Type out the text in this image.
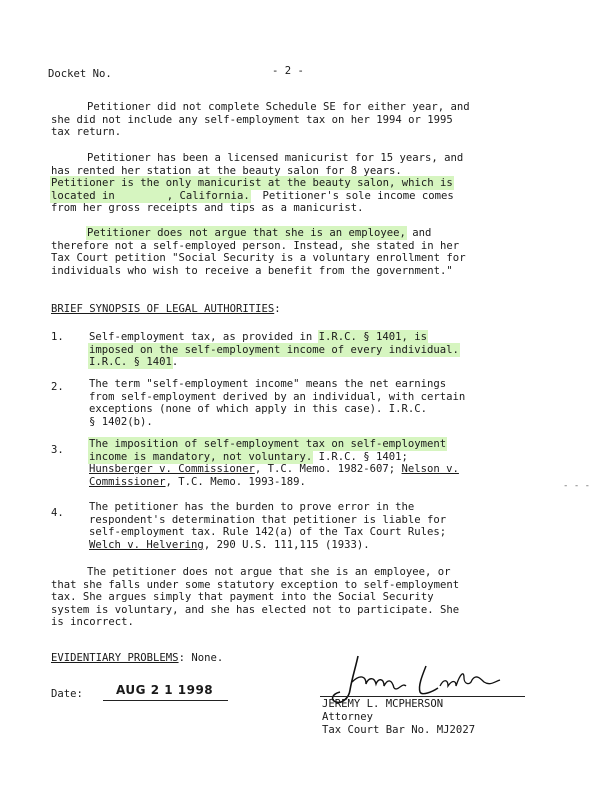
Docket No.	- 2 -
Petitioner did not complete Schedule SE for either year, and
she did not include any self-employment tax on her 1994 or 1995
tax return.
Petitioner has been a licensed manicurist for 15 years, and
has rented her station at the beauty salon for 8 years.
Petitioner is the only manicurist at the beauty salon, which is
located in	, California. Petitioner's sole income comes
from her gross receipts and tips as a manicurist.
Petitioner does not argue that she is an employee, and
therefore not a self-employed person. Instead, she stated in her
Tax Court petition "Social Security is a voluntary enrollment for
individuals who wish to receive a benefit from the government."
BRIEF SYNOPSIS OF LEGAL AUTHORITIES:
1. Self-employment tax, as provided in I.R.C. § 1401, is
imposed on the self-employment income of every individual.
I.R.C. § 1401.
2. The term "self-employment income" means the net earnings
from self-employment derived by an individual, with certain
exceptions (none of which apply in this case). I.R.C.
§ 1402(b).
3. The imposition of self-employment tax on self-employment
income is mandatory, not voluntary. I.R.C. § 1401;
Hunsberger v. Commissioner, T.C. Memo. 1982-607; Nelson v.
Commissioner, T.C. Memo. 1993-189.
4. The petitioner has the burden to prove error in the
respondent's determination that petitioner is liable for
self-employment tax. Rule 142(a) of the Tax Court Rules;
Welch v. Helvering, 290 U.S. 111,115 (1933).
The petitioner does not argue that she is an employee, or
that she falls under some statutory exception to self-employment
tax. She argues simply that payment into the Social Security
system is voluntary, and she has elected not to participate. She
is incorrect.
EVIDENTIARY PROBLEMS: None.
Date:	AUG 2 1 1998
JEREMY L. MCPHERSON
Attorney
Tax Court Bar No. MJ2027
- - -
